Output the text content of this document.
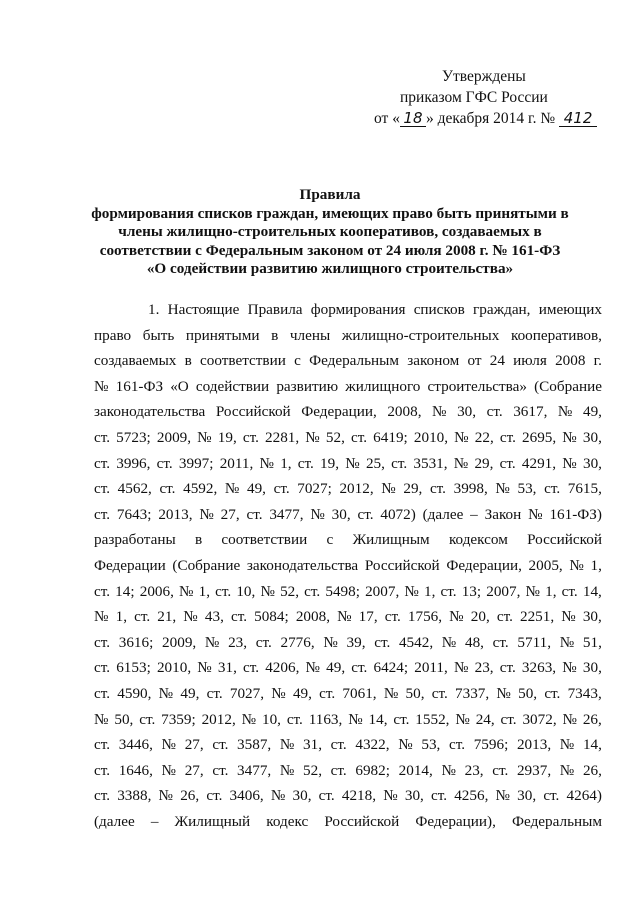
Утверждены
приказом ГФС России
от « 18 » декабря 2014 г. № 412
Правила
формирования списков граждан, имеющих право быть принятыми в
члены жилищно-строительных кооперативов, создаваемых в
соответствии с Федеральным законом от 24 июля 2008 г. № 161-ФЗ
«О содействии развитию жилищного строительства»
1. Настоящие Правила формирования списков граждан, имеющих
право быть принятыми в члены жилищно-строительных кооперативов,
создаваемых в соответствии с Федеральным законом от 24 июля 2008 г.
№ 161-ФЗ «О содействии развитию жилищного строительства» (Собрание
законодательства Российской Федерации, 2008, № 30, ст. 3617, № 49,
ст. 5723; 2009, № 19, ст. 2281, № 52, ст. 6419; 2010, № 22, ст. 2695, № 30,
ст. 3996, ст. 3997; 2011, № 1, ст. 19, № 25, ст. 3531, № 29, ст. 4291, № 30,
ст. 4562, ст. 4592, № 49, ст. 7027; 2012, № 29, ст. 3998, № 53, ст. 7615,
ст. 7643; 2013, № 27, ст. 3477, № 30, ст. 4072) (далее – Закон № 161-ФЗ)
разработаны в соответствии с Жилищным кодексом Российской
Федерации (Собрание законодательства Российской Федерации, 2005, № 1,
ст. 14; 2006, № 1, ст. 10, № 52, ст. 5498; 2007, № 1, ст. 13; 2007, № 1, ст. 14,
№ 1, ст. 21, № 43, ст. 5084; 2008, № 17, ст. 1756, № 20, ст. 2251, № 30,
ст. 3616; 2009, № 23, ст. 2776, № 39, ст. 4542, № 48, ст. 5711, № 51,
ст. 6153; 2010, № 31, ст. 4206, № 49, ст. 6424; 2011, № 23, ст. 3263, № 30,
ст. 4590, № 49, ст. 7027, № 49, ст. 7061, № 50, ст. 7337, № 50, ст. 7343,
№ 50, ст. 7359; 2012, № 10, ст. 1163, № 14, ст. 1552, № 24, ст. 3072, № 26,
ст. 3446, № 27, ст. 3587, № 31, ст. 4322, № 53, ст. 7596; 2013, № 14,
ст. 1646, № 27, ст. 3477, № 52, ст. 6982; 2014, № 23, ст. 2937, № 26,
ст. 3388, № 26, ст. 3406, № 30, ст. 4218, № 30, ст. 4256, № 30, ст. 4264)
(далее – Жилищный кодекс Российской Федерации), Федеральным
